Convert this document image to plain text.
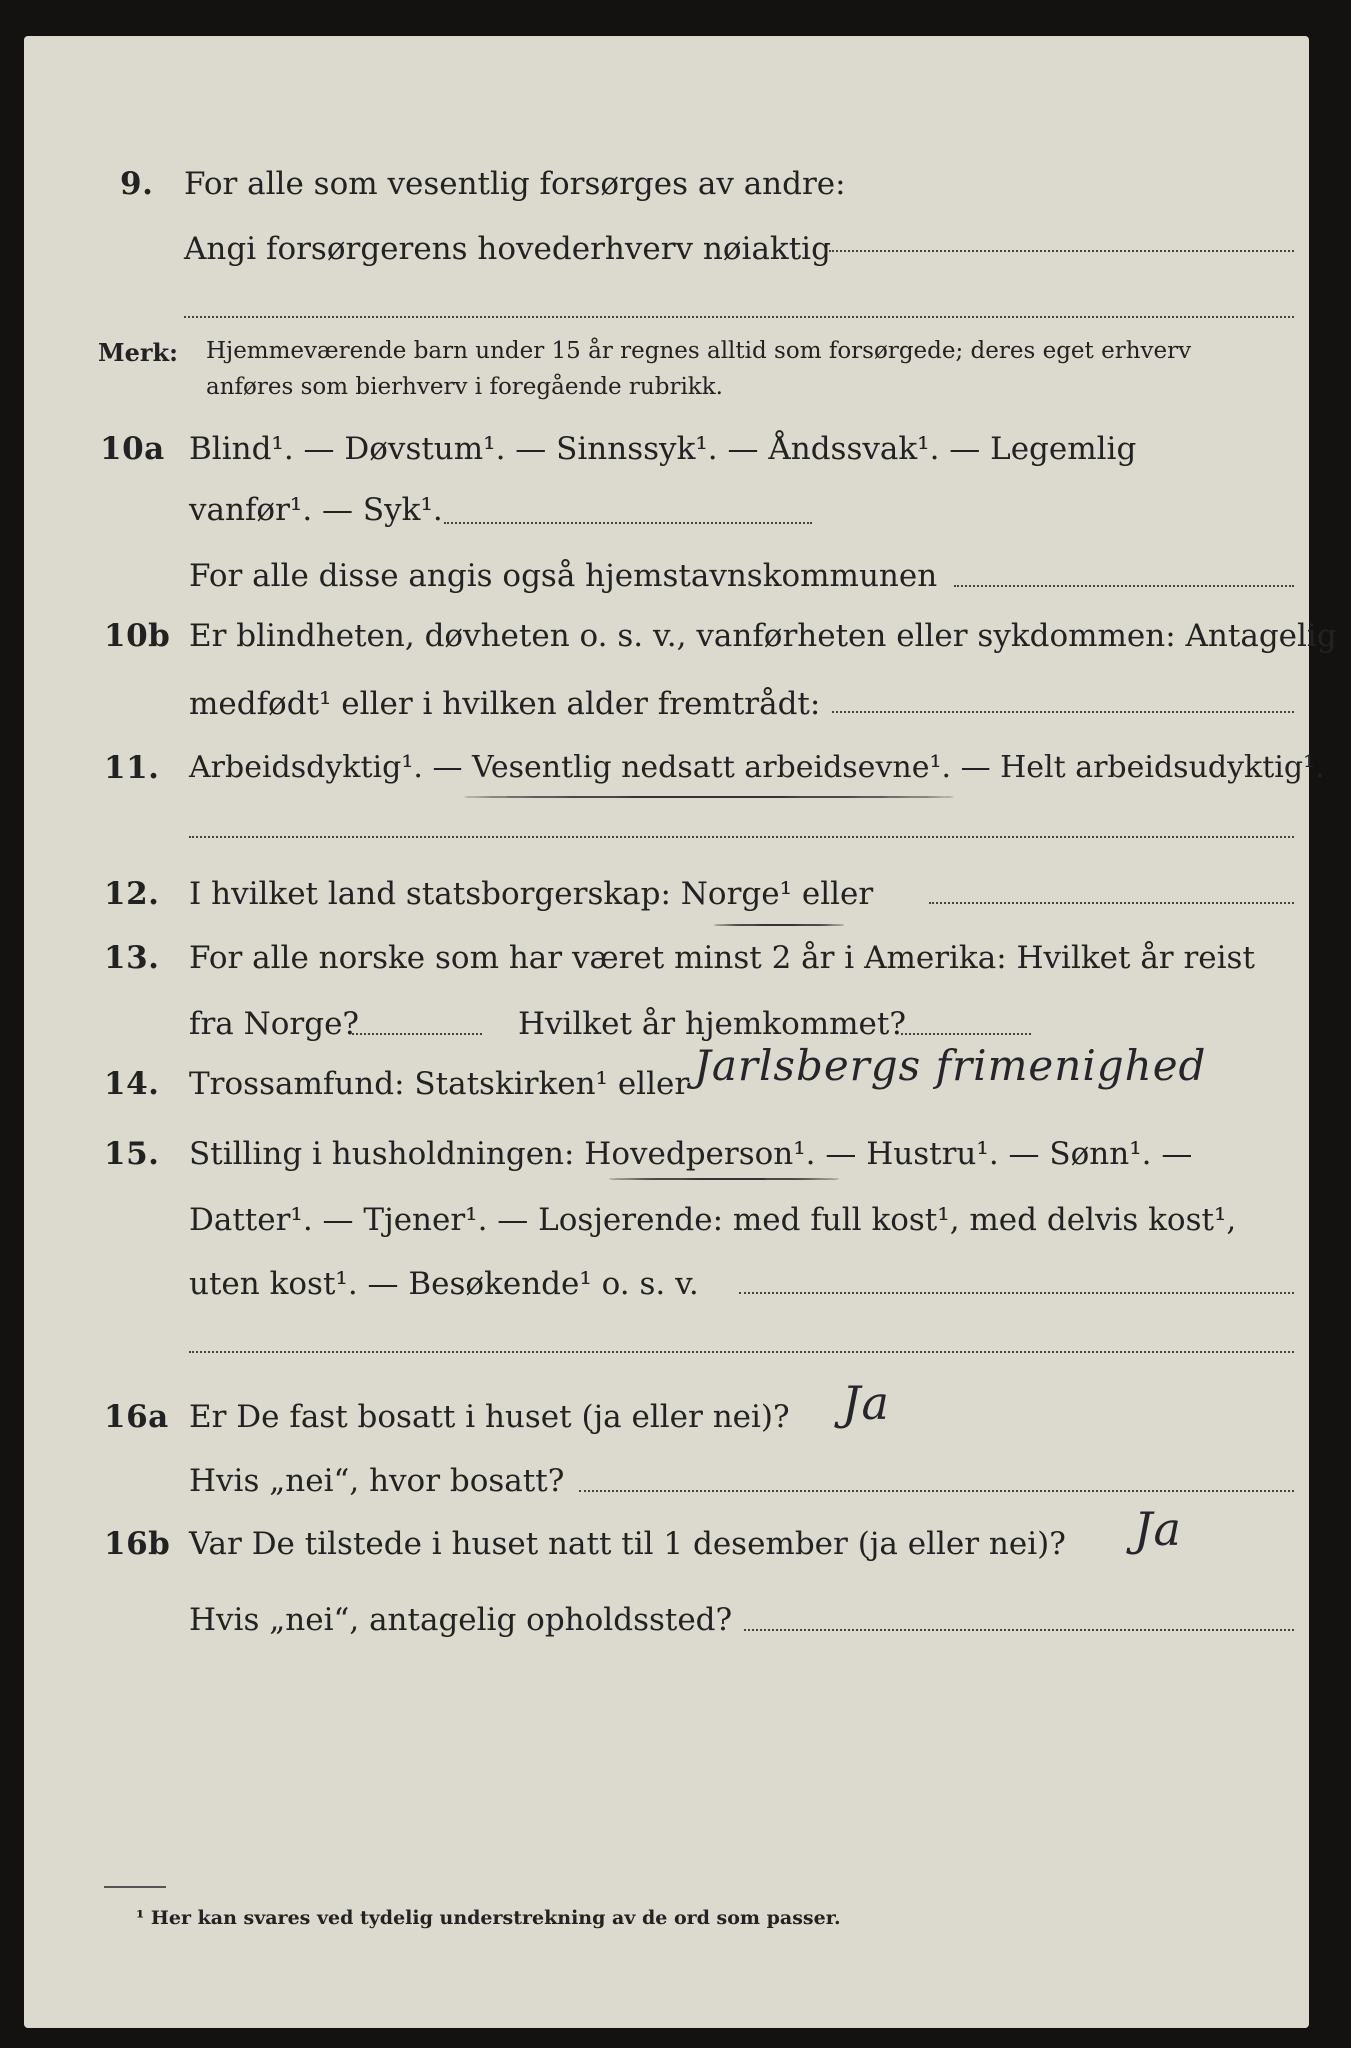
9. For alle som vesentlig forsørges av andre:
Angi forsørgerens hovederhverv nøiaktig
Merk: Hjemmeværende barn under 15 år regnes alltid som forsørgede; deres eget erhverv
anføres som bierhverv i foregående rubrikk.
10a Blind¹. — Døvstum¹. — Sinnssyk¹. — Åndssvak¹. — Legemlig
vanfør¹. — Syk¹.
For alle disse angis også hjemstavnskommunen
10b Er blindheten, døvheten o. s. v., vanførheten eller sykdommen: Antagelig
medfødt¹ eller i hvilken alder fremtrådt:
11. Arbeidsdyktig¹. — Vesentlig nedsatt arbeidsevne¹. — Helt arbeidsudyktig¹.
12. I hvilket land statsborgerskap: Norge¹ eller
13. For alle norske som har været minst 2 år i Amerika: Hvilket år reist
fra Norge?	Hvilket år hjemkommet?
14. Trossamfund: Statskirken¹ eller Jarlsbergs frimenighed
15. Stilling i husholdningen: Hovedperson¹. — Hustru¹. — Sønn¹. —
Datter¹. — Tjener¹. — Losjerende: med full kost¹, med delvis kost¹,
uten kost¹. — Besøkende¹ o. s. v.
16a Er De fast bosatt i huset (ja eller nei)? Ja
Hvis „nei“, hvor bosatt?
16b Var De tilstede i huset natt til 1 desember (ja eller nei)? Ja
Hvis „nei“, antagelig opholdssted?
¹ Her kan svares ved tydelig understrekning av de ord som passer.
